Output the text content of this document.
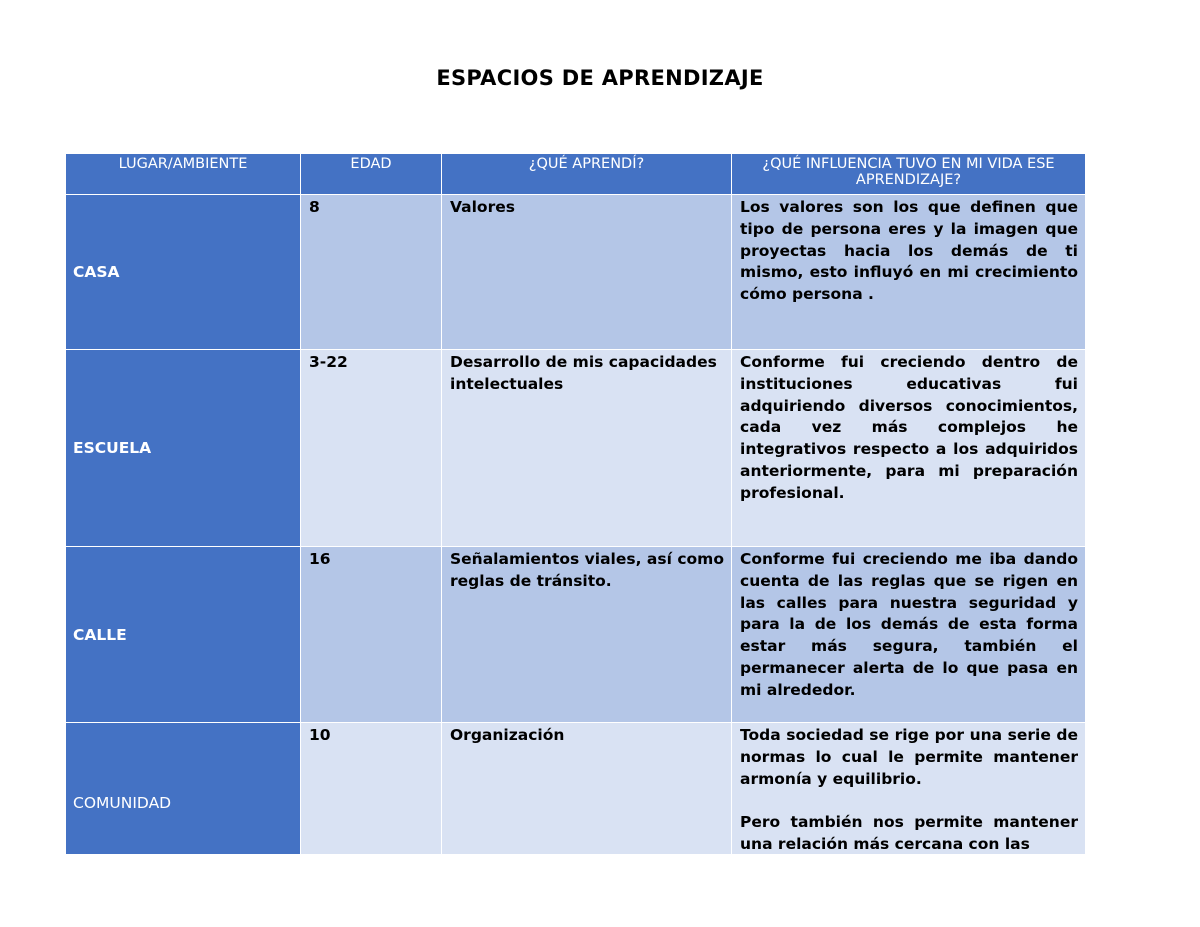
ESPACIOS DE APRENDIZAJE
LUGAR/AMBIENTE	EDAD	¿QUÉ APRENDÍ?	¿QUÉ INFLUENCIA TUVO EN MI VIDA ESE APRENDIZAJE?
CASA	8	Valores	Los valores son los que definen que tipo de persona eres y la imagen que proyectas hacia los demás de ti mismo, esto influyó en mi crecimiento cómo persona .

ESCUELA	3-22	Desarrollo de mis capacidades intelectuales	Conforme fui creciendo dentro de instituciones educativas fui adquiriendo diversos conocimientos, cada vez más complejos he integrativos respecto a los adquiridos anteriormente, para mi preparación profesional.

CALLE	16	Señalamientos viales, así como reglas de tránsito.	Conforme fui creciendo me iba dando cuenta de las reglas que se rigen en las calles para nuestra seguridad y para la de los demás de esta forma estar más segura, también el permanecer alerta de lo que pasa en mi alrededor.

COMUNIDAD	10	Organización	Toda sociedad se rige por una serie de normas lo cual le permite mantener armonía y equilibrio.
Pero también nos permite mantener una relación más cercana con las
